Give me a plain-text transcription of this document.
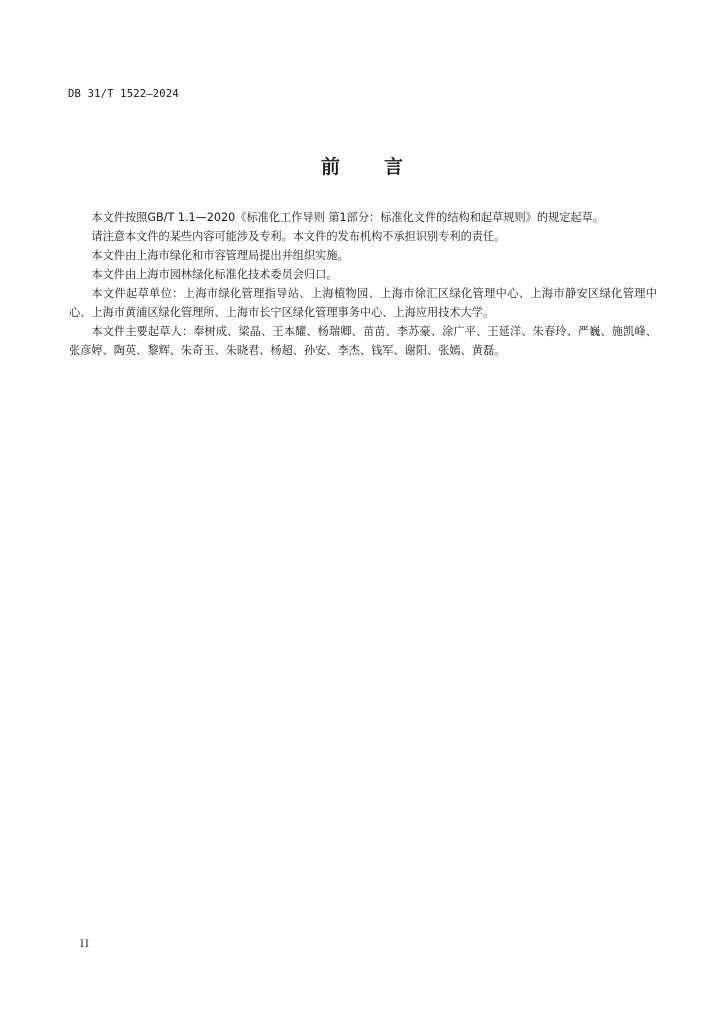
DB 31/T 1522—2024
前 言

本文件按照GB/T 1.1—2020《标准化工作导则 第1部分：标准化文件的结构和起草规则》的规定起草。

请注意本文件的某些内容可能涉及专利。本文件的发布机构不承担识别专利的责任。

本文件由上海市绿化和市容管理局提出并组织实施。

本文件由上海市园林绿化标准化技术委员会归口。

本文件起草单位：上海市绿化管理指导站、上海植物园、上海市徐汇区绿化管理中心、上海市静安区绿化管理中心、上海市黄浦区绿化管理所、上海市长宁区绿化管理事务中心、上海应用技术大学。

本文件主要起草人：奉树成、梁晶、王本耀、杨瑞卿、苗苗、李苏豪、涂广平、王延洋、朱春玲、严巍、施凯峰、张彦婷、陶英、黎辉、朱奇玉、朱晓君、杨超、孙安、李杰、钱军、谢阳、张嫣、黄磊。

II
